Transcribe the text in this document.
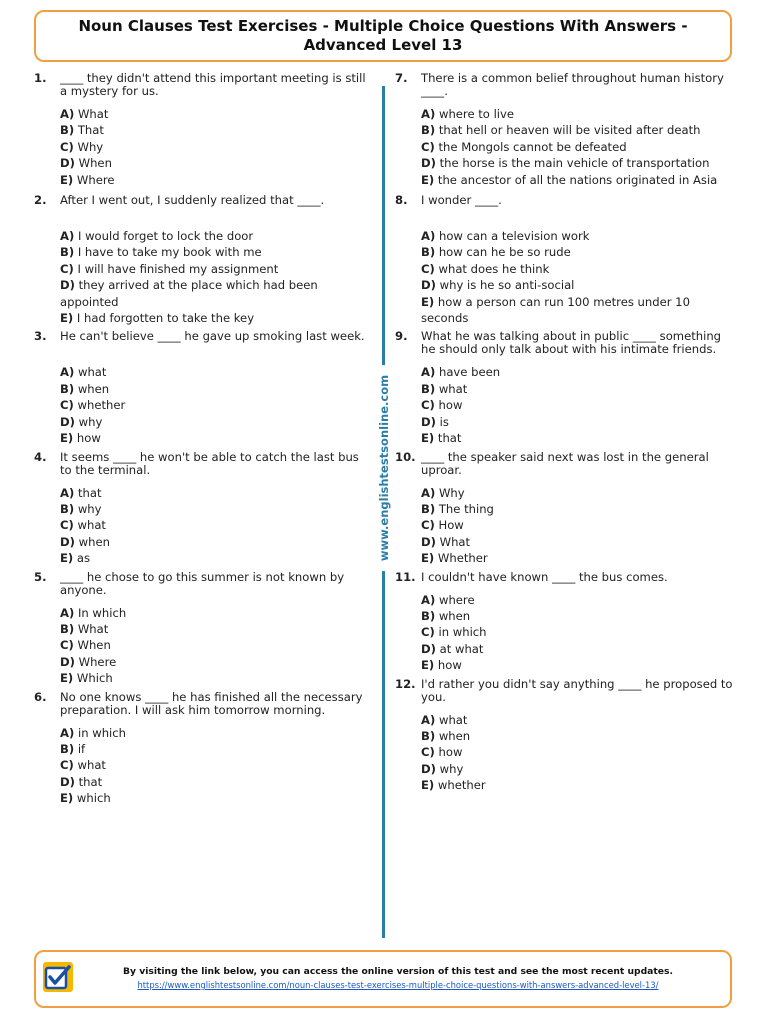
Noun Clauses Test Exercises - Multiple Choice Questions With Answers - Advanced Level 13
1.	____ they didn't attend this important meeting is still a mystery for us.
A) What
B) That
C) Why
D) When
E) Where
2.	After I went out, I suddenly realized that ____.
A) I would forget to lock the door
B) I have to take my book with me
C) I will have finished my assignment
D) they arrived at the place which had been appointed
E) I had forgotten to take the key
3.	He can't believe ____ he gave up smoking last week.
A) what
B) when
C) whether
D) why
E) how
4.	It seems ____ he won't be able to catch the last bus to the terminal.
A) that
B) why
C) what
D) when
E) as
5.	____ he chose to go this summer is not known by anyone.
A) In which
B) What
C) When
D) Where
E) Which
6.	No one knows ____ he has finished all the necessary preparation. I will ask him tomorrow morning.
A) in which
B) if
C) what
D) that
E) which
www.englishtestsonline.com
7.	There is a common belief throughout human history ____.
A) where to live
B) that hell or heaven will be visited after death
C) the Mongols cannot be defeated
D) the horse is the main vehicle of transportation
E) the ancestor of all the nations originated in Asia
8.	I wonder ____.
A) how can a television work
B) how can he be so rude
C) what does he think
D) why is he so anti-social
E) how a person can run 100 metres under 10 seconds
9.	What he was talking about in public ____ something he should only talk about with his intimate friends.
A) have been
B) what
C) how
D) is
E) that
10. ____ the speaker said next was lost in the general uproar.
A) Why
B) The thing
C) How
D) What
E) Whether
11. I couldn't have known ____ the bus comes.
A) where
B) when
C) in which
D) at what
E) how
12. I'd rather you didn't say anything ____ he proposed to you.
A) what
B) when
C) how
D) why
E) whether
By visiting the link below, you can access the online version of this test and see the most recent updates.
https://www.englishtestsonline.com/noun-clauses-test-exercises-multiple-choice-questions-with-answers-advanced-level-13/
